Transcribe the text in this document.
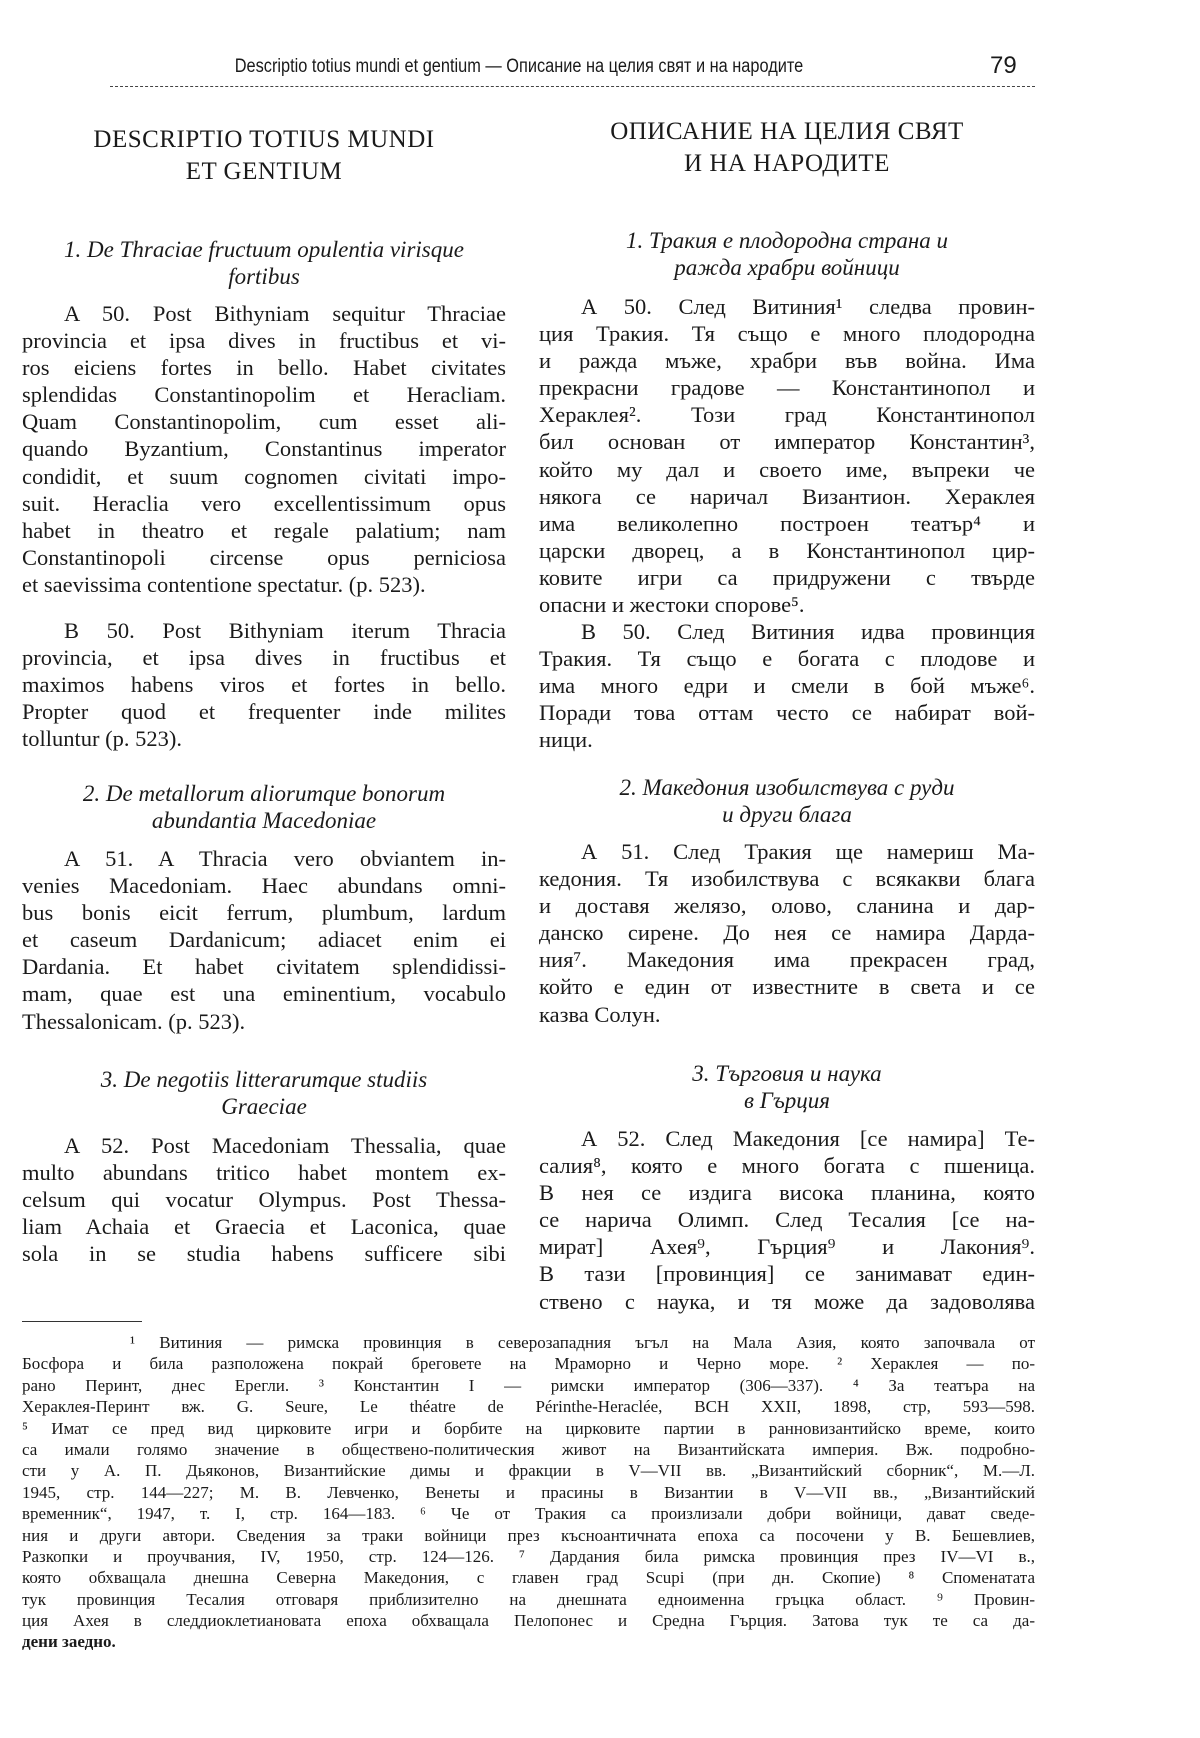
Descriptio totius mundi et gentium — Описание на целия свят и на народите	79
DESCRIPTIO TOTIUS MUNDI
ET GENTIUM
ОПИСАНИЕ НА ЦЕЛИЯ СВЯТ
И НА НАРОДИТЕ
1. De Thraciae fructuum opulentia virisque
fortibus
A 50. Post Bithyniam sequitur Thraciae
provincia et ipsa dives in fructibus et vi-
ros eiciens fortes in bello. Habet civitates
splendidas Constantinopolim et Heracliam.
Quam Constantinopolim, cum esset ali-
quando Byzantium, Constantinus imperator
condidit, et suum cognomen civitati impo-
suit. Heraclia vero excellentissimum opus
habet in theatro et regale palatium; nam
Constantinopoli circense opus perniciosa
et saevissima contentione spectatur. (p. 523).
B 50. Post Bithyniam iterum Thracia
provincia, et ipsa dives in fructibus et
maximos habens viros et fortes in bello.
Propter quod et frequenter inde milites
tolluntur (p. 523).
2. De metallorum aliorumque bonorum
abundantia Macedoniae
A 51. A Thracia vero obviantem in-
venies Macedoniam. Haec abundans omni-
bus bonis eicit ferrum, plumbum, lardum
et caseum Dardanicum; adiacet enim ei
Dardania. Et habet civitatem splendidissi-
mam, quae est una eminentium, vocabulo
Thessalonicam. (p. 523).
3. De negotiis litterarumque studiis
Graeciae
A 52. Post Macedoniam Thessalia, quae
multo abundans tritico habet montem ex-
celsum qui vocatur Olympus. Post Thessa-
liam Achaia et Graecia et Laconica, quae
sola in se studia habens sufficere sibi
1. Тракия е плодородна страна и
ражда храбри войници
А 50. След Витиния¹ следва провин-
ция Тракия. Тя също е много плодородна
и ражда мъже, храбри във война. Има
прекрасни градове — Константинопол и
Хераклея². Този град Константинопол
бил основан от император Константин³,
който му дал и своето име, въпреки че
някога се наричал Византион. Хераклея
има великолепно построен театър⁴ и
царски дворец, а в Константинопол цир-
ковите игри са придружени с твърде
опасни и жестоки спорове⁵.
В 50. След Витиния идва провинция
Тракия. Тя също е богата с плодове и
има много едри и смели в бой мъже⁶.
Поради това оттам често се набират вой-
ници.
2. Македония изобилствува с руди
и други блага
А 51. След Тракия ще намериш Ма-
кедония. Тя изобилствува с всякакви блага
и доставя желязо, олово, сланина и дар-
данско сирене. До нея се намира Дарда-
ния⁷. Македония има прекрасен град,
който е един от известните в света и се
казва Солун.
3. Търговия и наука
в Гърция
А 52. След Македония [се намира] Те-
салия⁸, която е много богата с пшеница.
В нея се издига висока планина, която
се нарича Олимп. След Тесалия [се на-
мират] Ахея⁹, Гърция⁹ и Лакония⁹.
В тази [провинция] се занимават един-
ствено с наука, и тя може да задоволява
¹ Витиния — римска провинция в северозападния ъгъл на Мала Азия, която започвала от
Босфора и била разположена покрай бреговете на Мраморно и Черно море. ² Хераклея — по-
рано Перинт, днес Ерегли. ³ Константин I — римски император (306—337). ⁴ За театъра на
Хераклея-Перинт вж. G. Seure, Le théatre de Périnthe-Heraclée, BCH XXII, 1898, стр, 593—598.
⁵ Имат се пред вид цирковите игри и борбите на цирковите партии в ранновизантийско време, които
са имали голямо значение в обществено-политическия живот на Византийската империя. Вж. подробно-
сти у А. П. Дьяконов, Византийские димы и фракции в V—VII вв. „Византийский сборник“, М.—Л.
1945, стр. 144—227; М. В. Левченко, Венеты и прасины в Византии в V—VII вв., „Византийский
временник“, 1947, т. I, стр. 164—183. ⁶ Че от Тракия са произлизали добри войници, дават сведе-
ния и други автори. Сведения за траки войници през късноантичната епоха са посочени у В. Бешевлиев,
Разкопки и проучвания, IV, 1950, стр. 124—126. ⁷ Дардания била римска провинция през IV—VI в.,
която обхващала днешна Северна Македония, с главен град Scupi (при дн. Скопие) ⁸ Споменатата
тук провинция Тесалия отговаря приблизително на днешната едноименна гръцка област. ⁹ Провин-
ция Ахея в следдиоклетиановата епоха обхващала Пелопонес и Средна Гърция. Затова тук те са да-
дени заедно.
